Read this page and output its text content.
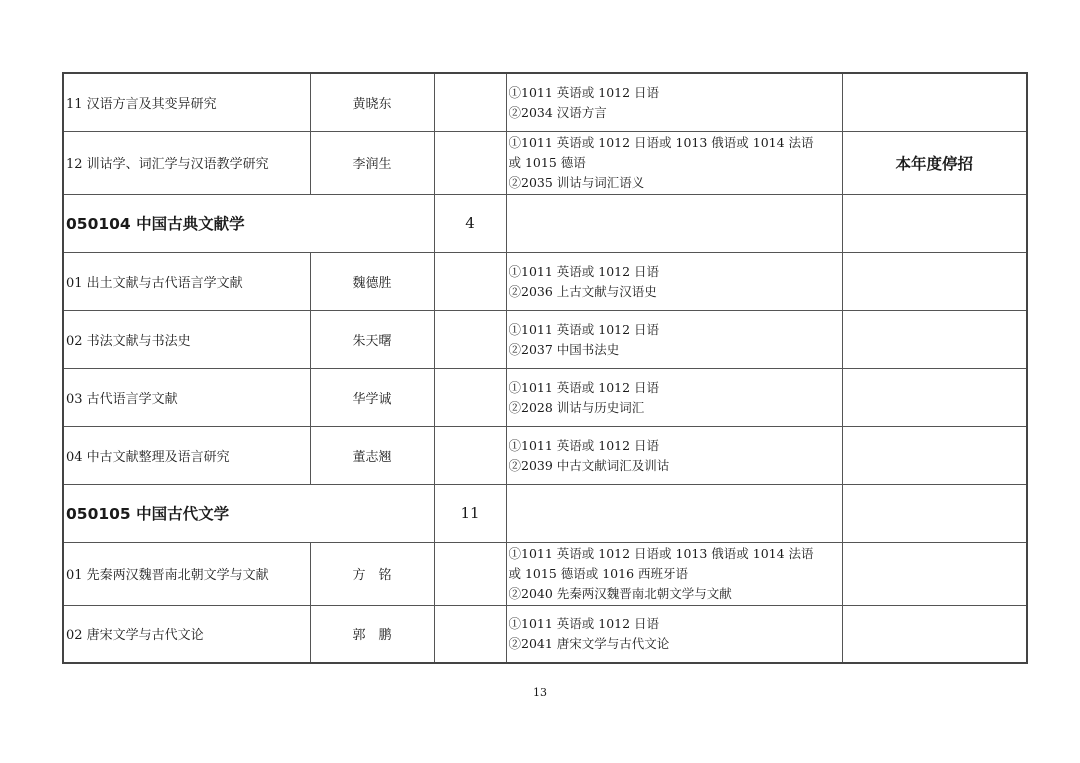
11 汉语方言及其变异研究	黄晓东		①1011 英语或 1012 日语
②2034 汉语方言	

12 训诂学、词汇学与汉语教学研究	李润生		①1011 英语或 1012 日语或 1013 俄语或 1014 法语
或 1015 德语
②2035 训诂与词汇语义	本年度停招
050104 中国古典文献学		4		
01 出土文献与古代语言学文献	魏德胜		①1011 英语或 1012 日语
②2036 上古文献与汉语史	

02 书法文献与书法史	朱天曙		①1011 英语或 1012 日语
②2037 中国书法史	

03 古代语言学文献	华学诚		①1011 英语或 1012 日语
②2028 训诂与历史词汇	

04 中古文献整理及语言研究	董志翘		①1011 英语或 1012 日语
②2039 中古文献词汇及训诂	

050105 中国古代文学		11		
01 先秦两汉魏晋南北朝文学与文献	方　铭		①1011 英语或 1012 日语或 1013 俄语或 1014 法语
或 1015 德语或 1016 西班牙语
②2040 先秦两汉魏晋南北朝文学与文献	

02 唐宋文学与古代文论	郭　鹏		①1011 英语或 1012 日语
②2041 唐宋文学与古代文论	

13
